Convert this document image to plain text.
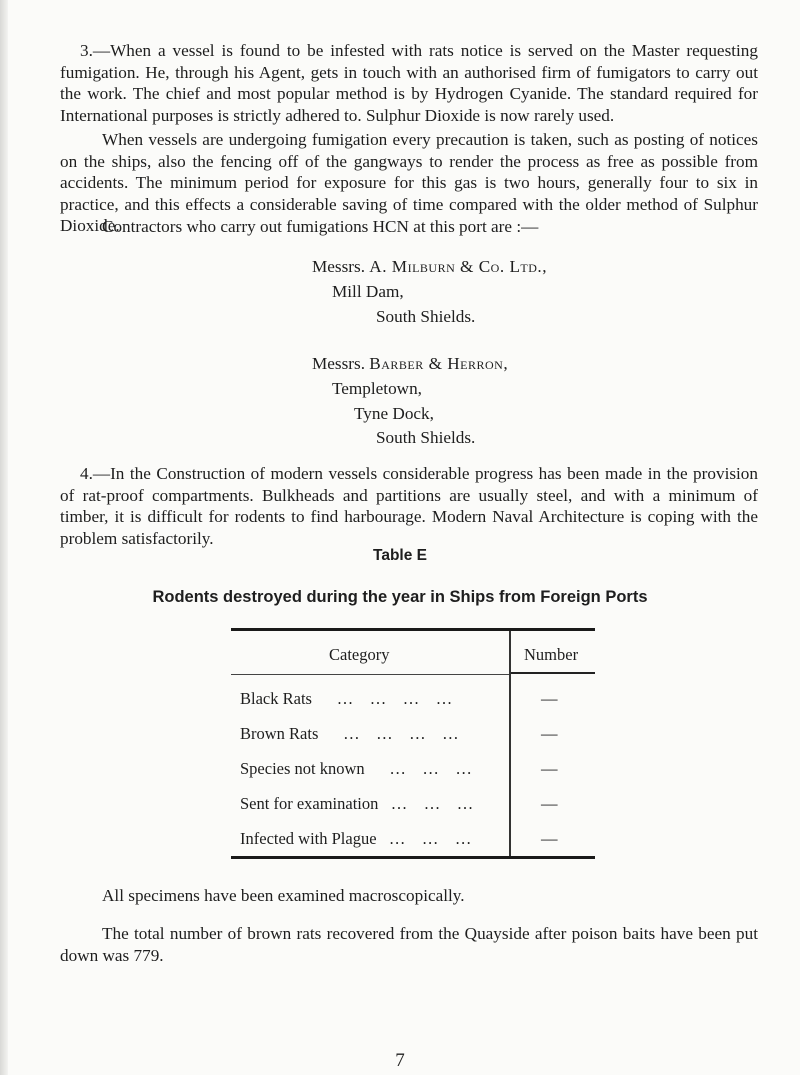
3.—When a vessel is found to be infested with rats notice is served on the Master requesting fumigation. He, through his Agent, gets in touch with an authorised firm of fumigators to carry out the work. The chief and most popular method is by Hydrogen Cyanide. The standard required for International purposes is strictly adhered to. Sulphur Dioxide is now rarely used.

When vessels are undergoing fumigation every precaution is taken, such as posting of notices on the ships, also the fencing off of the gangways to render the process as free as possible from accidents. The minimum period for exposure for this gas is two hours, generally four to six in practice, and this effects a considerable saving of time compared with the older method of Sulphur Dioxide.

Contractors who carry out fumigations HCN at this port are :—

Messrs. A. Milburn & Co. Ltd.,
Mill Dam,
South Shields.
Messrs. Barber & Herron,
Templetown,
Tyne Dock,
South Shields.

4.—In the Construction of modern vessels considerable progress has been made in the provision of rat-proof compartments. Bulkheads and partitions are usually steel, and with a minimum of timber, it is difficult for rodents to find harbourage. Modern Naval Architecture is coping with the problem satisfactorily.

Table E
Rodents destroyed during the year in Ships from Foreign Ports
Category	Number
Black Rats      …    …    …    …	—
Brown Rats      …    …    …    …	—
Species not known      …    …    …	—
Sent for examination   …    …    …	—
Infected with Plague   …    …    …	—

All specimens have been examined macroscopically.

The total number of brown rats recovered from the Quayside after poison baits have been put down was 779.

7
